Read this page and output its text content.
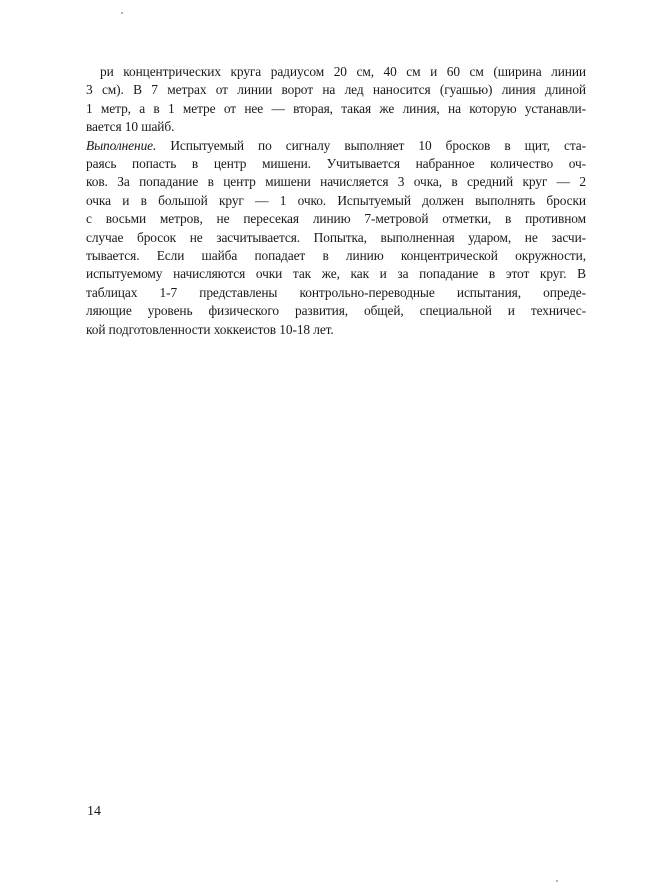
ри концентрических круга радиусом 20 см, 40 см и 60 см (ширина линии
3 см). В 7 метрах от линии ворот на лед наносится (гуашью) линия длиной
1 метр, а в 1 метре от нее — вторая, такая же линия, на которую устанавли-
вается 10 шайб.
Выполнение. Испытуемый по сигналу выполняет 10 бросков в щит, ста-
раясь попасть в центр мишени. Учитывается набранное количество оч-
ков. За попадание в центр мишени начисляется 3 очка, в средний круг — 2
очка и в большой круг — 1 очко. Испытуемый должен выполнять броски
с восьми метров, не пересекая линию 7-метровой отметки, в противном
случае бросок не засчитывается. Попытка, выполненная ударом, не засчи-
тывается. Если шайба попадает в линию концентрической окружности,
испытуемому начисляются очки так же, как и за попадание в этот круг. В
таблицах 1-7 представлены контрольно-переводные испытания, опреде-
ляющие уровень физического развития, общей, специальной и техничес-
кой подготовленности хоккеистов 10-18 лет.
14
